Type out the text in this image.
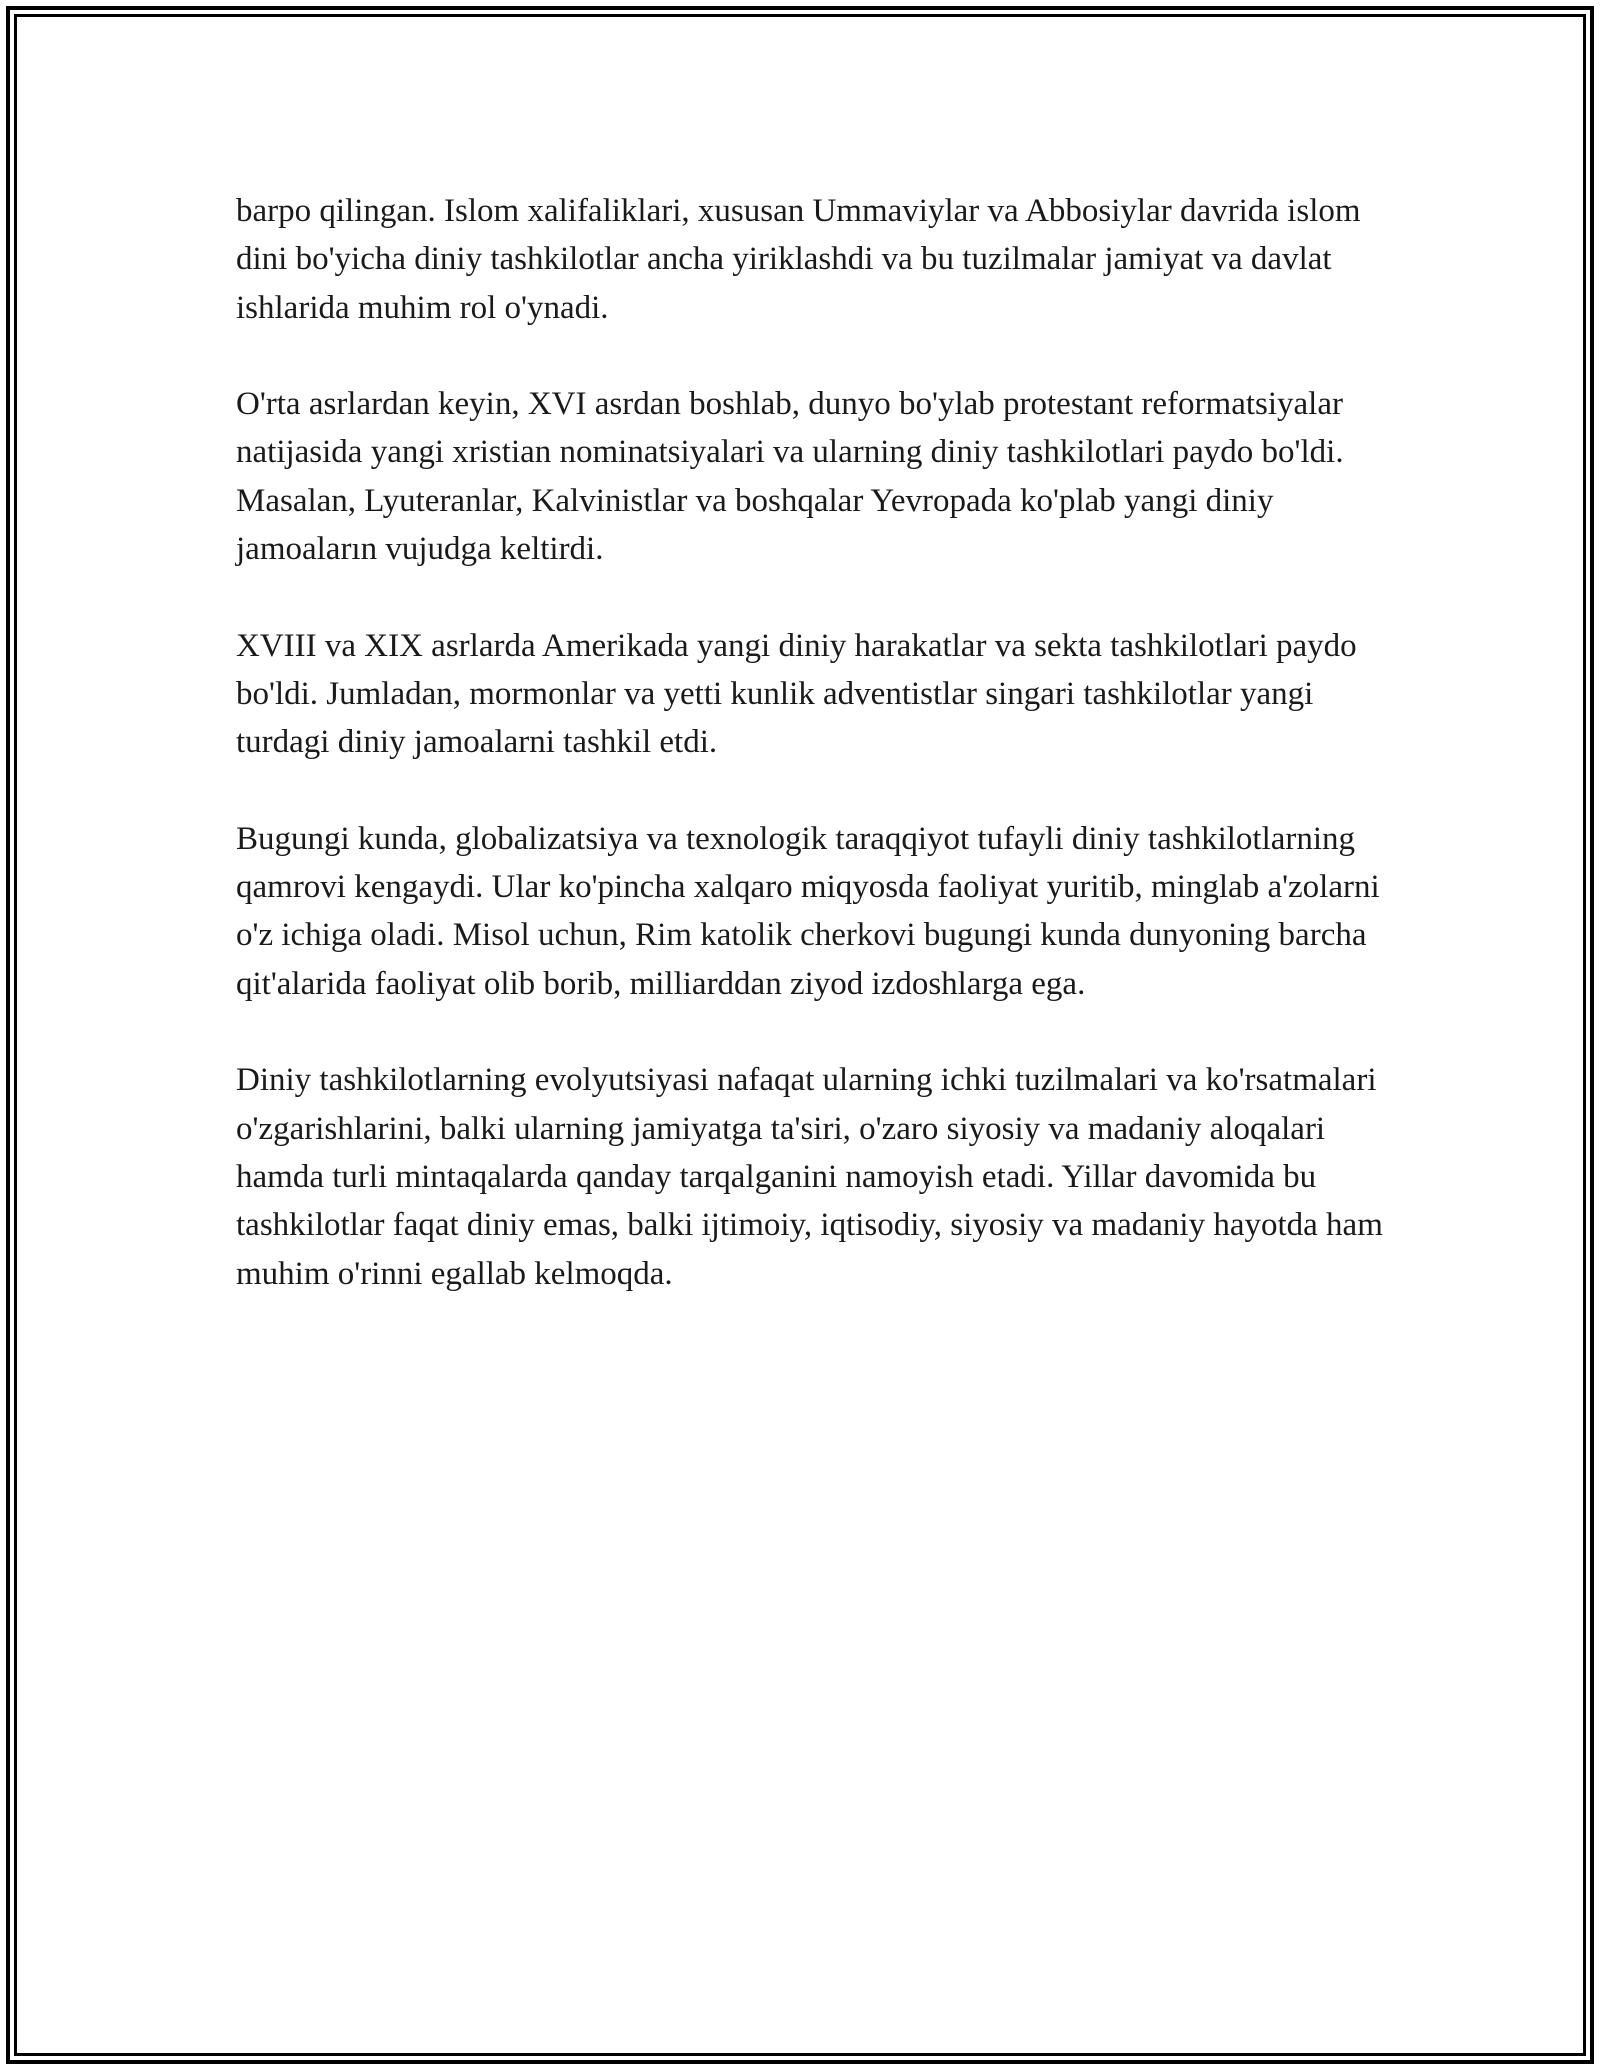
barpo qilingan. Islom xalifaliklari, xususan Ummaviylar va Abbosiylar davrida islom dini bo'yicha diniy tashkilotlar ancha yiriklashdi va bu tuzilmalar jamiyat va davlat ishlarida muhim rol o'ynadi.

O'rta asrlardan keyin, XVI asrdan boshlab, dunyo bo'ylab protestant reformatsiyalar natijasida yangi xristian nominatsiyalari va ularning diniy tashkilotlari paydo bo'ldi. Masalan, Lyuteranlar, Kalvinistlar va boshqalar Yevropada ko'plab yangi diniy jamoaların vujudga keltirdi.

XVIII va XIX asrlarda Amerikada yangi diniy harakatlar va sekta tashkilotlari paydo bo'ldi. Jumladan, mormonlar va yetti kunlik adventistlar singari tashkilotlar yangi turdagi diniy jamoalarni tashkil etdi.

Bugungi kunda, globalizatsiya va texnologik taraqqiyot tufayli diniy tashkilotlarning qamrovi kengaydi. Ular ko'pincha xalqaro miqyosda faoliyat yuritib, minglab a'zolarni o'z ichiga oladi. Misol uchun, Rim katolik cherkovi bugungi kunda dunyoning barcha qit'alarida faoliyat olib borib, milliarddan ziyod izdoshlarga ega.

Diniy tashkilotlarning evolyutsiyasi nafaqat ularning ichki tuzilmalari va ko'rsatmalari o'zgarishlarini, balki ularning jamiyatga ta'siri, o'zaro siyosiy va madaniy aloqalari hamda turli mintaqalarda qanday tarqalganini namoyish etadi. Yillar davomida bu tashkilotlar faqat diniy emas, balki ijtimoiy, iqtisodiy, siyosiy va madaniy hayotda ham muhim o'rinni egallab kelmoqda.
